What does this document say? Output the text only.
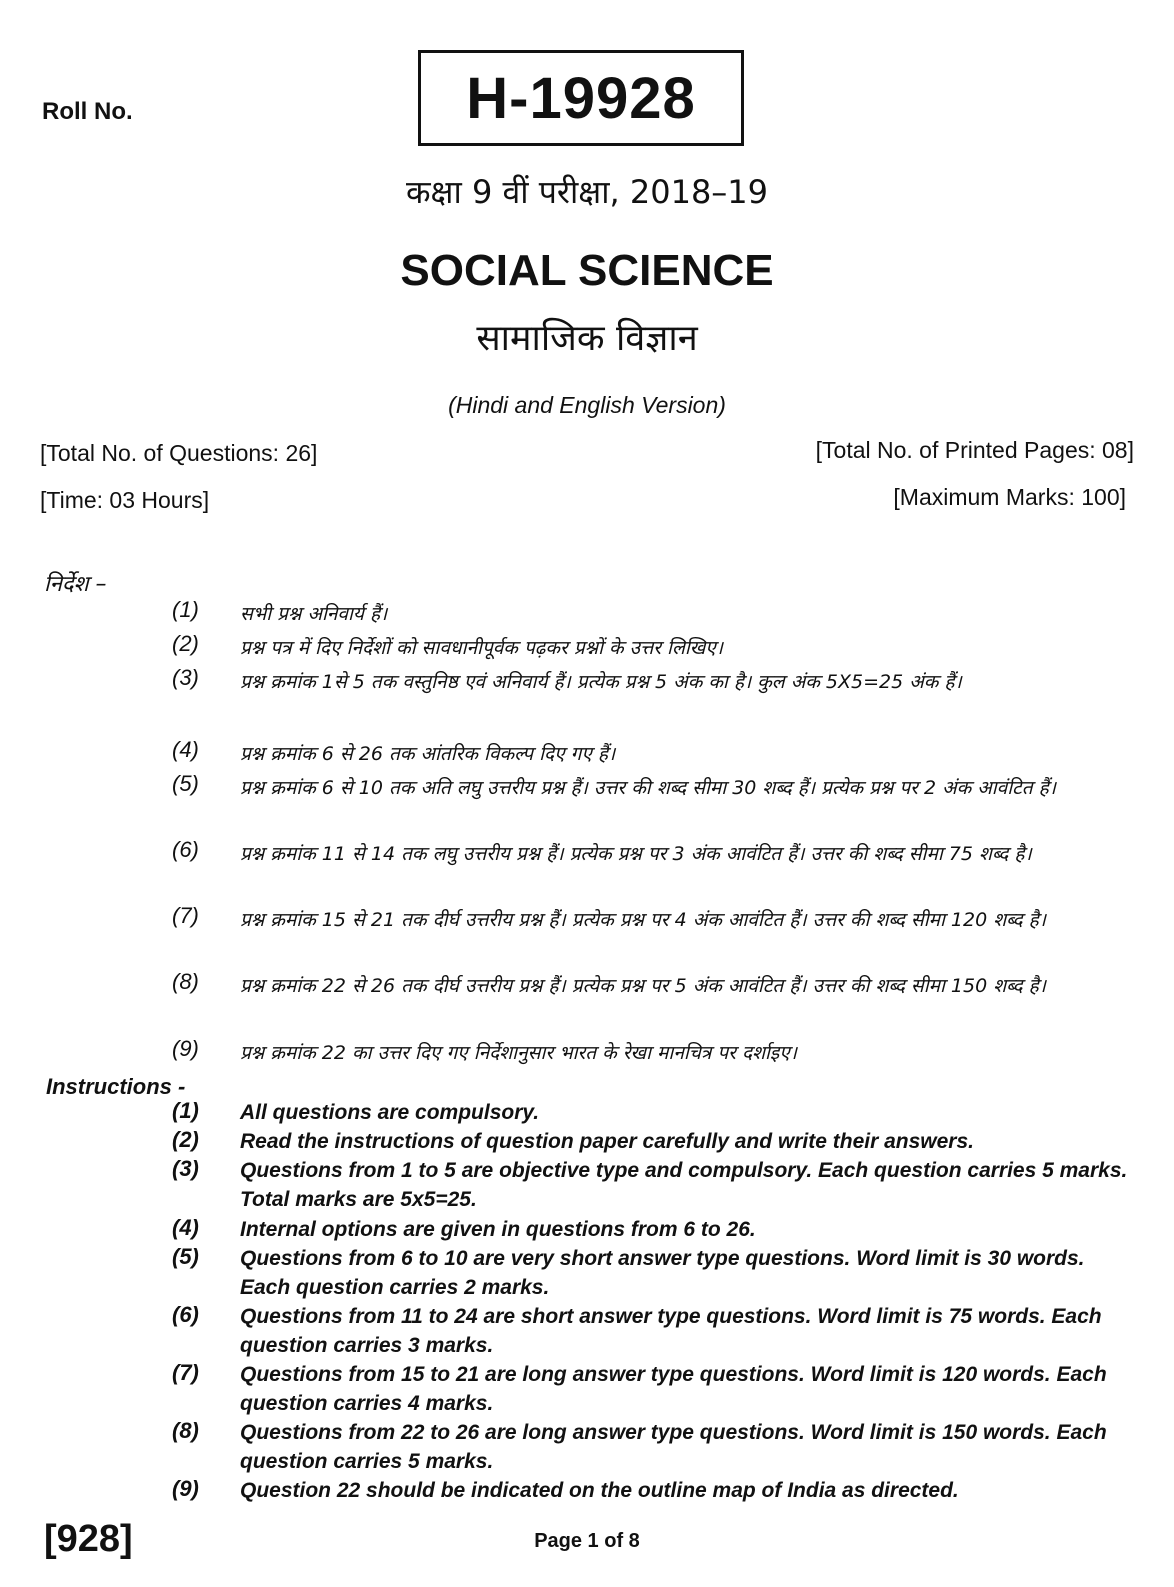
Roll No.	H-19928
कक्षा 9 वीं परीक्षा, 2018–19
SOCIAL SCIENCE
सामाजिक विज्ञान
(Hindi and English Version)
[Total No. of Questions: 26]	[Total No. of Printed Pages: 08]
[Time: 03 Hours]	[Maximum Marks: 100]
निर्देश –
(1)	सभी प्रश्न अनिवार्य हैं।
(2)	प्रश्न पत्र में दिए निर्देशों को सावधानीपूर्वक पढ़कर प्रश्नों के उत्तर लिखिए।
(3)	प्रश्न क्रमांक 1से 5 तक वस्तुनिष्ठ एवं अनिवार्य हैं। प्रत्येक प्रश्न 5 अंक का है। कुल अंक 5X5=25 अंक हैं।
(4)	प्रश्न क्रमांक 6 से 26 तक आंतरिक विकल्प दिए गए हैं।
(5)	प्रश्न क्रमांक 6 से 10 तक अति लघु उत्तरीय प्रश्न हैं। उत्तर की शब्द सीमा 30 शब्द हैं। प्रत्येक प्रश्न पर 2 अंक आवंटित हैं।
(6)	प्रश्न क्रमांक 11 से 14 तक लघु उत्तरीय प्रश्न हैं। प्रत्येक प्रश्न पर 3 अंक आवंटित हैं। उत्तर की शब्द सीमा 75 शब्द है।
(7)	प्रश्न क्रमांक 15 से 21 तक दीर्घ उत्तरीय प्रश्न हैं। प्रत्येक प्रश्न पर 4 अंक आवंटित हैं। उत्तर की शब्द सीमा 120 शब्द है।
(8)	प्रश्न क्रमांक 22 से 26 तक दीर्घ उत्तरीय प्रश्न हैं। प्रत्येक प्रश्न पर 5 अंक आवंटित हैं। उत्तर की शब्द सीमा 150 शब्द है।
(9)	प्रश्न क्रमांक 22 का उत्तर दिए गए निर्देशानुसार भारत के रेखा मानचित्र पर दर्शाइए।
Instructions -
(1)	All questions are compulsory.
(2)	Read the instructions of question paper carefully and write their answers.
(3)	Questions from 1 to 5 are objective type and compulsory. Each question carries 5 marks. Total marks are 5x5=25.
(4)	Internal options are given in questions from 6 to 26.
(5)	Questions from 6 to 10 are very short answer type questions. Word limit is 30 words. Each question carries 2 marks.
(6)	Questions from 11 to 24 are short answer type questions. Word limit is 75 words. Each question carries 3 marks.
(7)	Questions from 15 to 21 are long answer type questions. Word limit is 120 words. Each question carries 4 marks.
(8)	Questions from 22 to 26 are long answer type questions. Word limit is 150 words. Each question carries 5 marks.
(9)	Question 22 should be indicated on the outline map of India as directed.
[928]	Page 1 of 8
